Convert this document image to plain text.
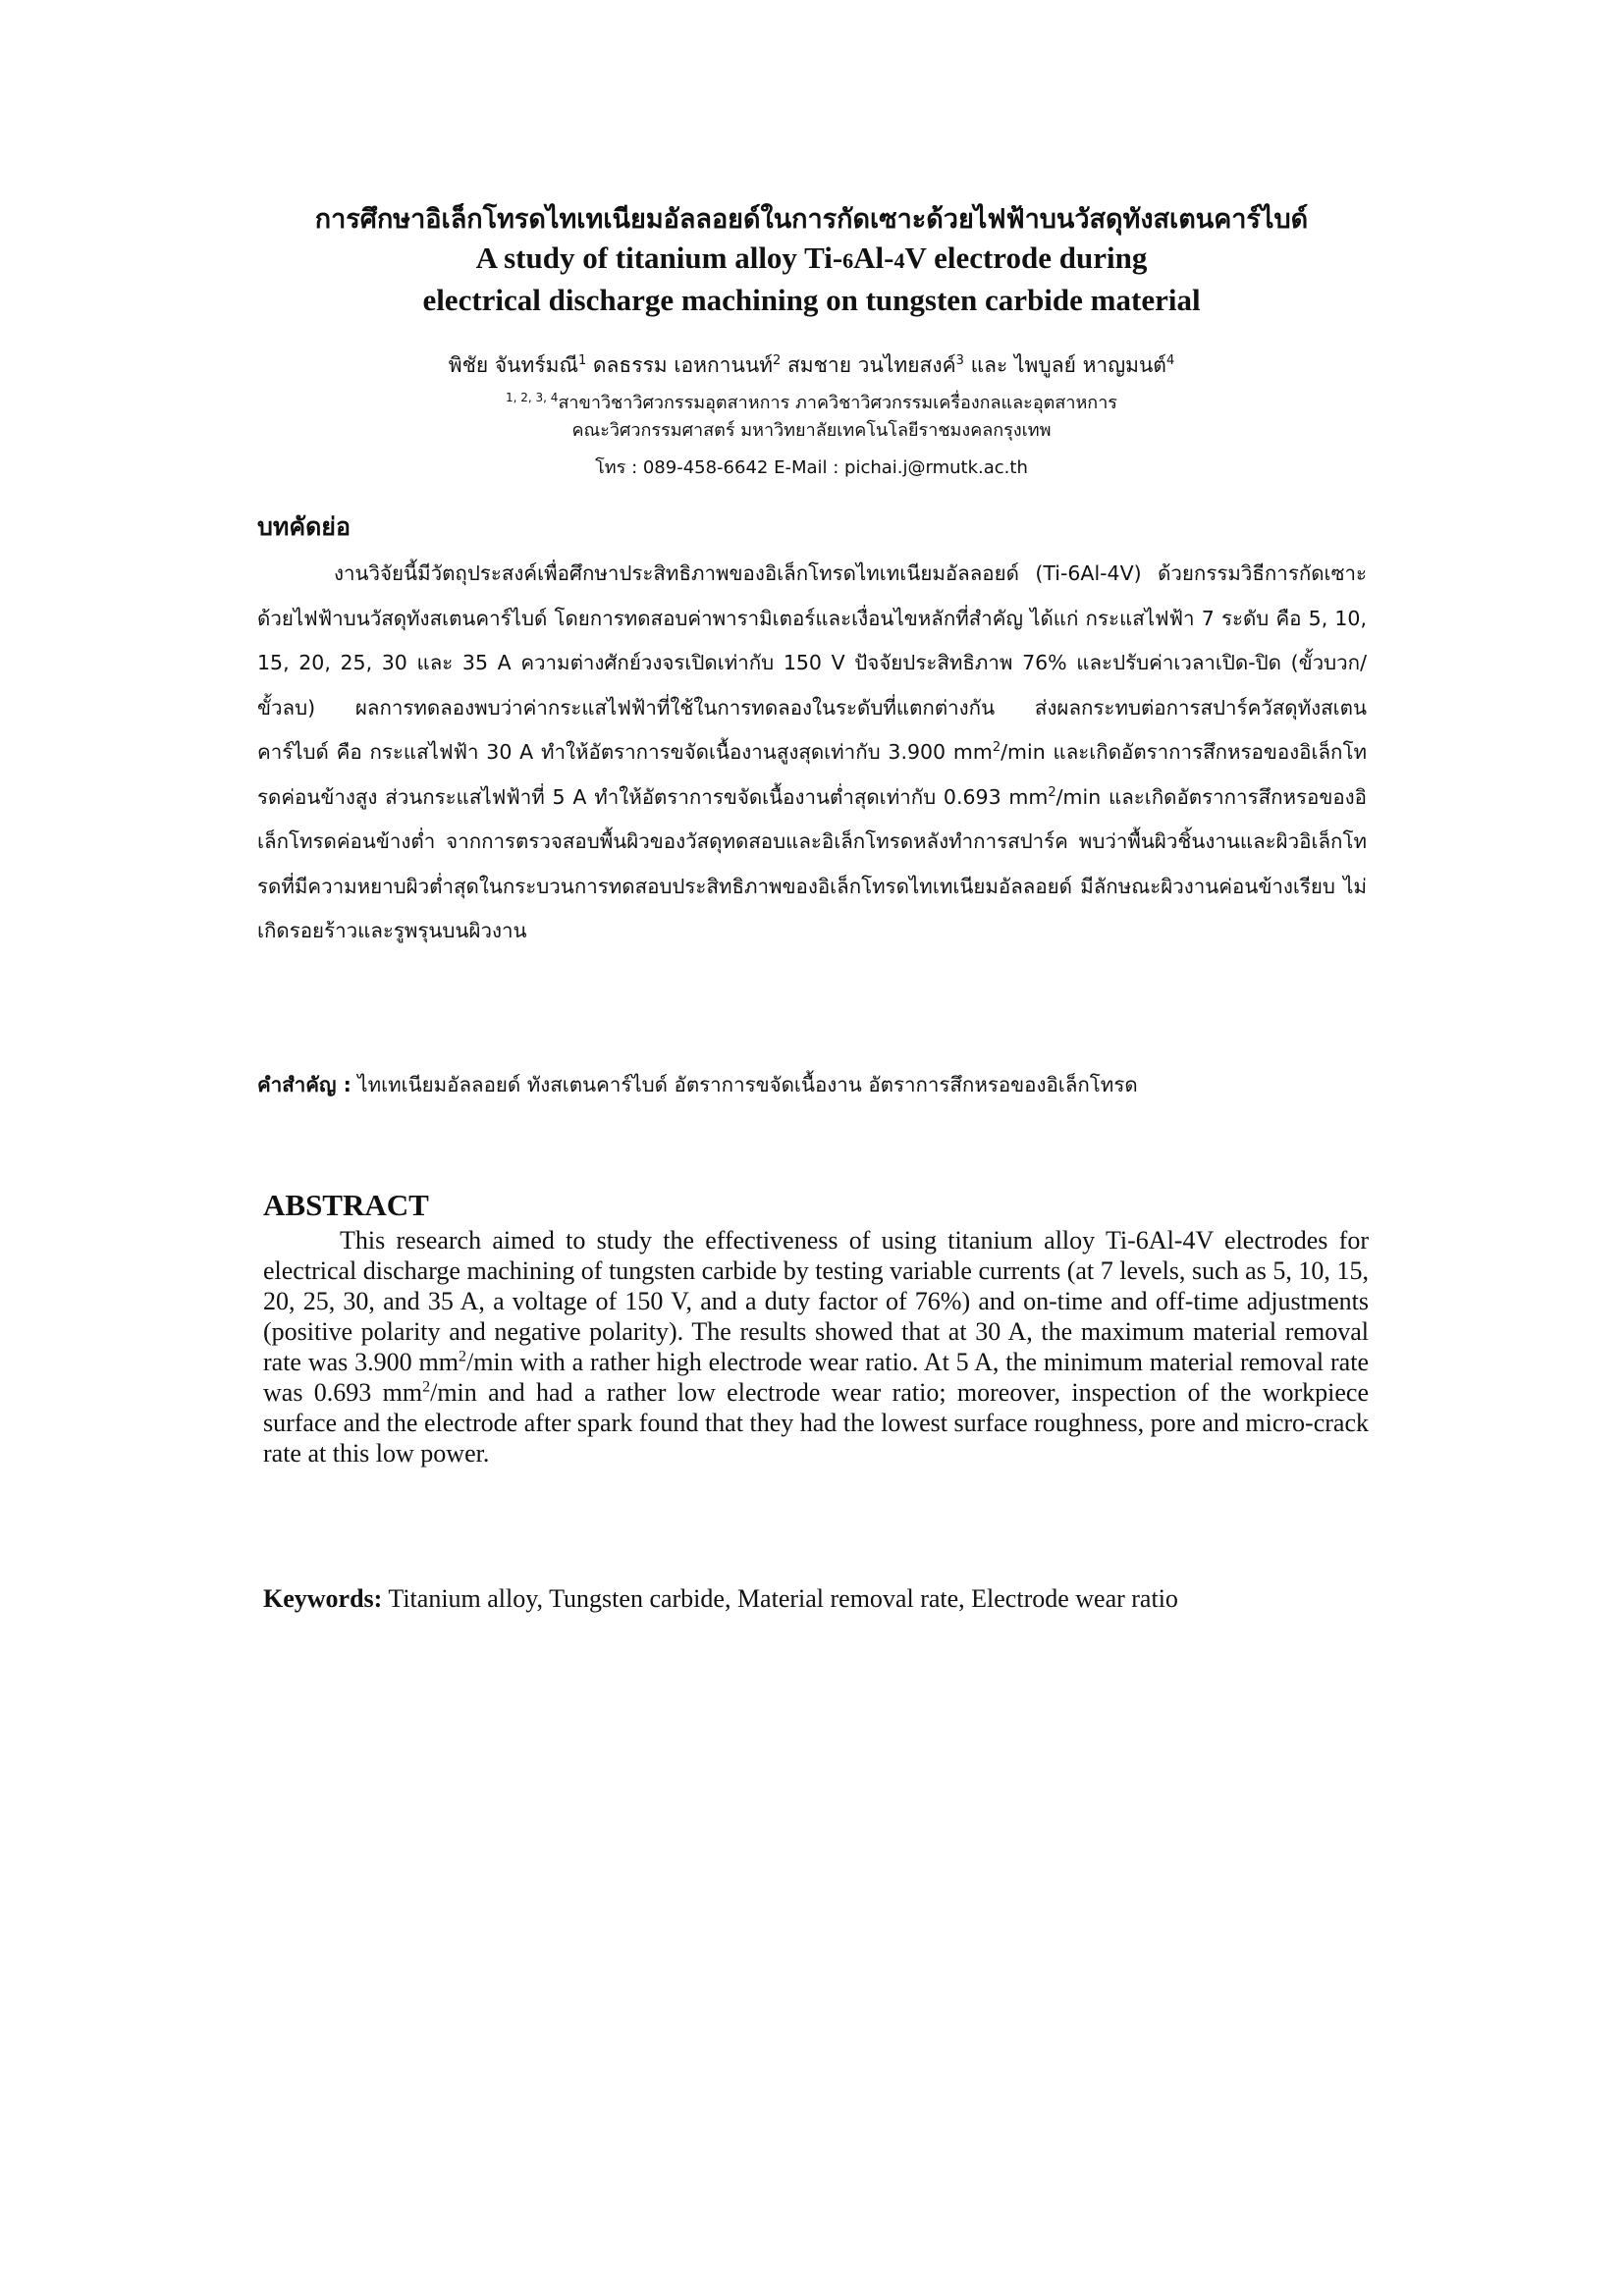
การศึกษาอิเล็กโทรดไทเทเนียมอัลลอยด์ในการกัดเซาะด้วยไฟฟ้าบนวัสดุทังสเตนคาร์ไบด์

A study of titanium alloy Ti-6Al-4V electrode during

electrical discharge machining on tungsten carbide material

พิชัย จันทร์มณี$^1$ ดลธรรม เอหกานนท์$^2$ สมชาย วนไทยสงค์$^3$ และ ไพบูลย์ หาญมนต์$^4$
$^{1, 2, 3, 4}$สาขาวิชาวิศวกรรมอุตสาหการ ภาควิชาวิศวกรรมเครื่องกลและอุตสาหการ
คณะวิศวกรรมศาสตร์ มหาวิทยาลัยเทคโนโลยีราชมงคลกรุงเทพ
โทร : 089-458-6642 E-Mail : pichai.j@rmutk.ac.th

บทคัดย่อ

งานวิจัยนี้มีวัตถุประสงค์เพื่อศึกษาประสิทธิภาพของอิเล็กโทรดไทเทเนียมอัลลอยด์ (Ti-6Al-4V) ด้วยกรรมวิธีการกัดเซาะด้วยไฟฟ้าบนวัสดุทังสเตนคาร์ไบด์ โดยการทดสอบค่าพารามิเตอร์และเงื่อนไขหลักที่สำคัญ ได้แก่ กระแสไฟฟ้า 7 ระดับ คือ 5, 10, 15, 20, 25, 30 และ 35 A ความต่างศักย์วงจรเปิดเท่ากับ 150 V ปัจจัยประสิทธิภาพ 76% และปรับค่าเวลาเปิด-ปิด (ขั้วบวก/ขั้วลบ) ผลการทดลองพบว่าค่ากระแสไฟฟ้าที่ใช้ในการทดลองในระดับที่แตกต่างกัน ส่งผลกระทบต่อการสปาร์ควัสดุทังสเตนคาร์ไบด์ คือ กระแสไฟฟ้า 30 A ทำให้อัตราการขจัดเนื้องานสูงสุดเท่ากับ 3.900 $mm^2/\min$ และเกิดอัตราการสึกหรอของอิเล็กโทรดค่อนข้างสูง ส่วนกระแสไฟฟ้าที่ 5 A ทำให้อัตราการขจัดเนื้องานต่ำสุดเท่ากับ 0.693 $mm^2/\min$ และเกิดอัตราการสึกหรอของอิเล็กโทรดค่อนข้างต่ำ จากการตรวจสอบพื้นผิวของวัสดุทดสอบและอิเล็กโทรดหลังทำการสปาร์ค พบว่าพื้นผิวชิ้นงานและผิวอิเล็กโทรดที่มีความหยาบผิวต่ำสุดในกระบวนการทดสอบประสิทธิภาพของอิเล็กโทรดไทเทเนียมอัลลอยด์ มีลักษณะผิวงานค่อนข้างเรียบ ไม่เกิดรอยร้าวและรูพรุนบนผิวงาน

คำสำคัญ : ไทเทเนียมอัลลอยด์ ทังสเตนคาร์ไบด์ อัตราการขจัดเนื้องาน อัตราการสึกหรอของอิเล็กโทรด

ABSTRACT

This research aimed to study the effectiveness of using titanium alloy Ti-6Al-4V electrodes for electrical discharge machining of tungsten carbide by testing variable currents (at 7 levels, such as 5, 10, 15, 20, 25, 30, and 35 A, a voltage of 150 V, and a duty factor of 76%) and on-time and off-time adjustments (positive polarity and negative polarity). The results showed that at 30 A, the maximum material removal rate was 3.900 $mm^2/\min$ with a rather high electrode wear ratio. At 5 A, the minimum material removal rate was 0.693 $mm^2/\min$ and had a rather low electrode wear ratio; moreover, inspection of the workpiece surface and the electrode after spark found that they had the lowest surface roughness, pore and micro-crack rate at this low power.

Keywords: Titanium alloy, Tungsten carbide, Material removal rate, Electrode wear ratio
